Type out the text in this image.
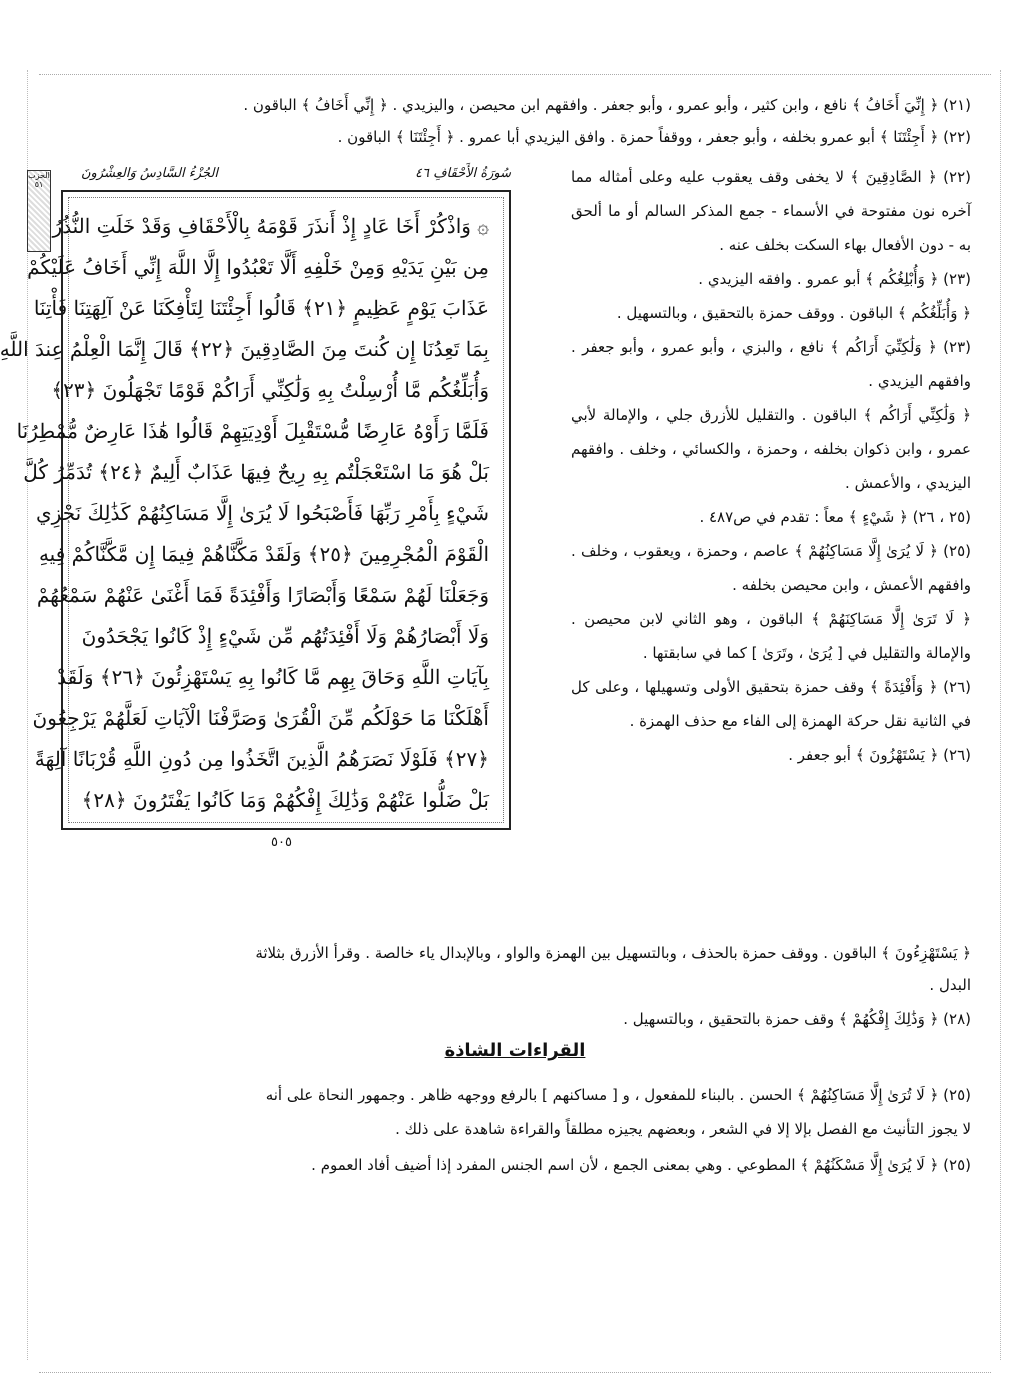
(٢١) ﴿ إِنِّيَ أَخَافُ ﴾ نافع ، وابن كثير ، وأبو عمرو ، وأبو جعفر . وافقهم ابن محيصن ، واليزيدي . ﴿ إِنِّي أَخَافُ ﴾ الباقون .
(٢٢) ﴿ أَجِئْتَنَا ﴾ أبو عمرو بخلفه ، وأبو جعفر ، ووقفاً حمزة . وافق اليزيدي أبا عمرو . ﴿ أَجِئْتَنَا ﴾ الباقون .
سُورَةُ الأَحْقَافِ ٤٦
الجُزْءُ السَّادِسُ وَالعِشْرُونَ
۞ وَاذْكُرْ أَخَا عَادٍ إِذْ أَنذَرَ قَوْمَهُ بِالْأَحْقَافِ وَقَدْ خَلَتِ النُّذُرُ
مِن بَيْنِ يَدَيْهِ وَمِنْ خَلْفِهِ أَلَّا تَعْبُدُوا إِلَّا اللَّهَ إِنِّي أَخَافُ عَلَيْكُمْ
عَذَابَ يَوْمٍ عَظِيمٍ ﴿٢١﴾ قَالُوا أَجِئْتَنَا لِتَأْفِكَنَا عَنْ آلِهَتِنَا فَأْتِنَا
بِمَا تَعِدُنَا إِن كُنتَ مِنَ الصَّادِقِينَ ﴿٢٢﴾ قَالَ إِنَّمَا الْعِلْمُ عِندَ اللَّهِ
وَأُبَلِّغُكُم مَّا أُرْسِلْتُ بِهِ وَلَٰكِنِّي أَرَاكُمْ قَوْمًا تَجْهَلُونَ ﴿٢٣﴾
فَلَمَّا رَأَوْهُ عَارِضًا مُّسْتَقْبِلَ أَوْدِيَتِهِمْ قَالُوا هَٰذَا عَارِضٌ مُّمْطِرُنَا
بَلْ هُوَ مَا اسْتَعْجَلْتُم بِهِ رِيحٌ فِيهَا عَذَابٌ أَلِيمٌ ﴿٢٤﴾ تُدَمِّرُ كُلَّ
شَيْءٍ بِأَمْرِ رَبِّهَا فَأَصْبَحُوا لَا يُرَىٰ إِلَّا مَسَاكِنُهُمْ كَذَٰلِكَ نَجْزِي
الْقَوْمَ الْمُجْرِمِينَ ﴿٢٥﴾ وَلَقَدْ مَكَّنَّاهُمْ فِيمَا إِن مَّكَّنَّاكُمْ فِيهِ
وَجَعَلْنَا لَهُمْ سَمْعًا وَأَبْصَارًا وَأَفْئِدَةً فَمَا أَغْنَىٰ عَنْهُمْ سَمْعُهُمْ
وَلَا أَبْصَارُهُمْ وَلَا أَفْئِدَتُهُم مِّن شَيْءٍ إِذْ كَانُوا يَجْحَدُونَ
بِآيَاتِ اللَّهِ وَحَاقَ بِهِم مَّا كَانُوا بِهِ يَسْتَهْزِئُونَ ﴿٢٦﴾ وَلَقَدْ
أَهْلَكْنَا مَا حَوْلَكُم مِّنَ الْقُرَىٰ وَصَرَّفْنَا الْآيَاتِ لَعَلَّهُمْ يَرْجِعُونَ
﴿٢٧﴾ فَلَوْلَا نَصَرَهُمُ الَّذِينَ اتَّخَذُوا مِن دُونِ اللَّهِ قُرْبَانًا آلِهَةً
بَلْ ضَلُّوا عَنْهُمْ وَذَٰلِكَ إِفْكُهُمْ وَمَا كَانُوا يَفْتَرُونَ ﴿٢٨﴾
٥٠٥
الحزب ٥١	(٢٢) ﴿ الصَّادِقِينَ ﴾ لا يخفى وقف يعقوب عليه وعلى أمثاله مما آخره نون مفتوحة في الأسماء - جمع المذكر السالم أو ما ألحق به - دون الأفعال بهاء السكت بخلف عنه .

(٢٣) ﴿ وَأُبْلِغُكُم ﴾ أبو عمرو . وافقه اليزيدي .

﴿ وَأُبَلِّغُكُم ﴾ الباقون . ووقف حمزة بالتحقيق ، وبالتسهيل .

(٢٣) ﴿ وَلَٰكِنِّيَ أَرَاكُم ﴾ نافع ، والبزي ، وأبو عمرو ، وأبو جعفر . وافقهم اليزيدي .

﴿ وَلَٰكِنِّي أَرَاكُم ﴾ الباقون . والتقليل للأزرق جلي ، والإمالة لأبي عمرو ، وابن ذكوان بخلفه ، وحمزة ، والكسائي ، وخلف . وافقهم اليزيدي ، والأعمش .

(٢٥ ، ٢٦) ﴿ شَيْءٍ ﴾ معاً : تقدم في ص٤٨٧ .

(٢٥) ﴿ لَا يُرَىٰ إِلَّا مَسَاكِنُهُمْ ﴾ عاصم ، وحمزة ، ويعقوب ، وخلف . وافقهم الأعمش ، وابن محيصن بخلفه .

﴿ لَا تَرَىٰ إِلَّا مَسَاكِنَهُمْ ﴾ الباقون ، وهو الثاني لابن محيصن . والإمالة والتقليل في [ يُرَىٰ ، وتَرَىٰ ] كما في سابقتها .

(٢٦) ﴿ وَأَفْئِدَةً ﴾ وقف حمزة بتحقيق الأولى وتسهيلها ، وعلى كل في الثانية نقل حركة الهمزة إلى الفاء مع حذف الهمزة .

(٢٦) ﴿ يَسْتَهْزُونَ ﴾ أبو جعفر .

﴿ يَسْتَهْزِءُونَ ﴾ الباقون . ووقف حمزة بالحذف ، وبالتسهيل بين الهمزة والواو ، وبالإبدال ياء خالصة . وقرأ الأزرق بثلاثة
البدل .
(٢٨) ﴿ وَذَٰلِكَ إِفْكُهُمْ ﴾ وقف حمزة بالتحقيق ، وبالتسهيل .
القراءات الشاذة
(٢٥) ﴿ لَا تُرَىٰ إِلَّا مَسَاكِنُهُمْ ﴾ الحسن . بالبناء للمفعول ، و [ مساكنهم ] بالرفع ووجهه ظاهر . وجمهور النحاة على أنه
لا يجوز التأنيث مع الفصل بإلا إلا في الشعر ، وبعضهم يجيزه مطلقاً والقراءة شاهدة على ذلك .
(٢٥) ﴿ لَا يُرَىٰ إِلَّا مَسْكَنُهُمْ ﴾ المطوعي . وهي بمعنى الجمع ، لأن اسم الجنس المفرد إذا أضيف أفاد العموم .
